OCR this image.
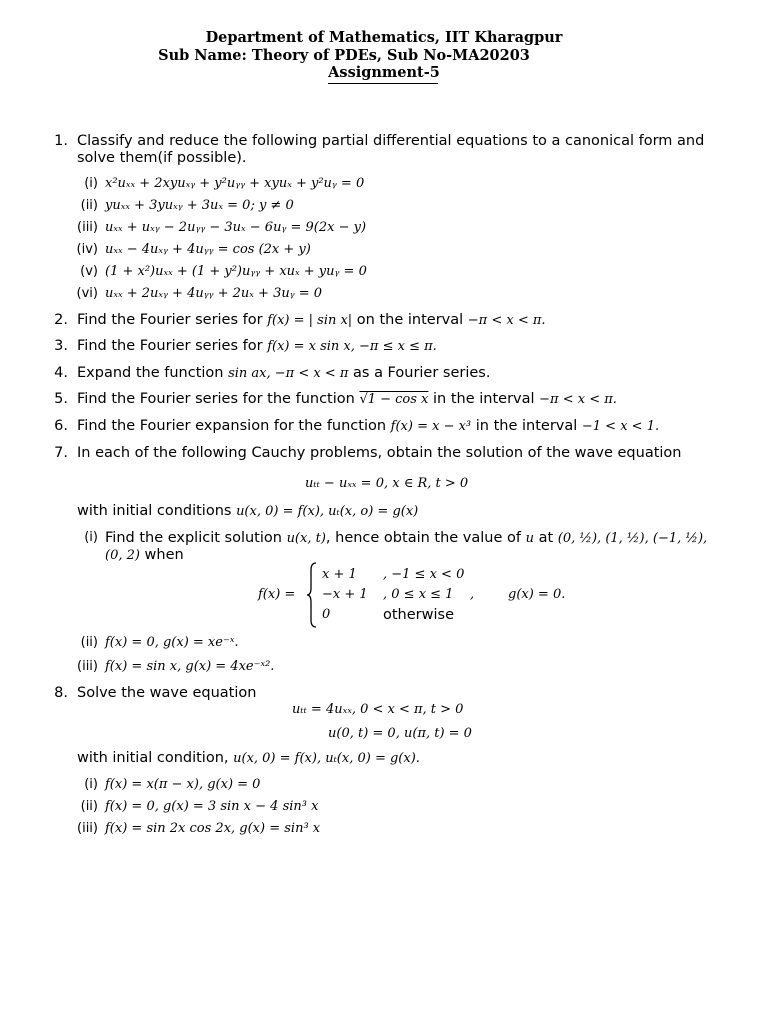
Department of Mathematics, IIT Kharagpur
Sub Name: Theory of PDEs, Sub No-MA20203
Assignment-5
1. Classify and reduce the following partial differential equations to a canonical form and
solve them(if possible).
(i) x²uₓₓ + 2xyuₓᵧ + y²uᵧᵧ + xyuₓ + y²uᵧ = 0
(ii) yuₓₓ + 3yuₓᵧ + 3uₓ = 0; y ≠ 0
(iii) uₓₓ + uₓᵧ − 2uᵧᵧ − 3uₓ − 6uᵧ = 9(2x − y)
(iv) uₓₓ − 4uₓᵧ + 4uᵧᵧ = cos (2x + y)
(v) (1 + x²)uₓₓ + (1 + y²)uᵧᵧ + xuₓ + yuᵧ = 0
(vi) uₓₓ + 2uₓᵧ + 4uᵧᵧ + 2uₓ + 3uᵧ = 0
2. Find the Fourier series for f(x) = | sin x| on the interval −π < x < π.
3. Find the Fourier series for f(x) = x sin x, −π ≤ x ≤ π.
4. Expand the function sin ax, −π < x < π as a Fourier series.
5. Find the Fourier series for the function √1 − cos x in the interval −π < x < π.
6. Find the Fourier expansion for the function f(x) = x − x³ in the interval −1 < x < 1.
7. In each of the following Cauchy problems, obtain the solution of the wave equation
uₜₜ − uₓₓ = 0, x ∈ R, t > 0
with initial conditions u(x, 0) = f(x), uₜ(x, o) = g(x)
(i) Find the explicit solution u(x, t), hence obtain the value of u at (0, ½), (1, ½), (−1, ½),
(0, 2) when
f(x) =
x + 1 , −1 ≤ x < 0
−x + 1 , 0 ≤ x ≤ 1
0	otherwise
,	g(x) = 0.
(ii) f(x) = 0, g(x) = xe⁻ˣ.
(iii) f(x) = sin x, g(x) = 4xe⁻ˣ².
8. Solve the wave equation
uₜₜ = 4uₓₓ, 0 < x < π, t > 0
u(0, t) = 0, u(π, t) = 0
with initial condition, u(x, 0) = f(x), uₜ(x, 0) = g(x).
(i) f(x) = x(π − x), g(x) = 0
(ii) f(x) = 0, g(x) = 3 sin x − 4 sin³ x
(iii) f(x) = sin 2x cos 2x, g(x) = sin³ x
